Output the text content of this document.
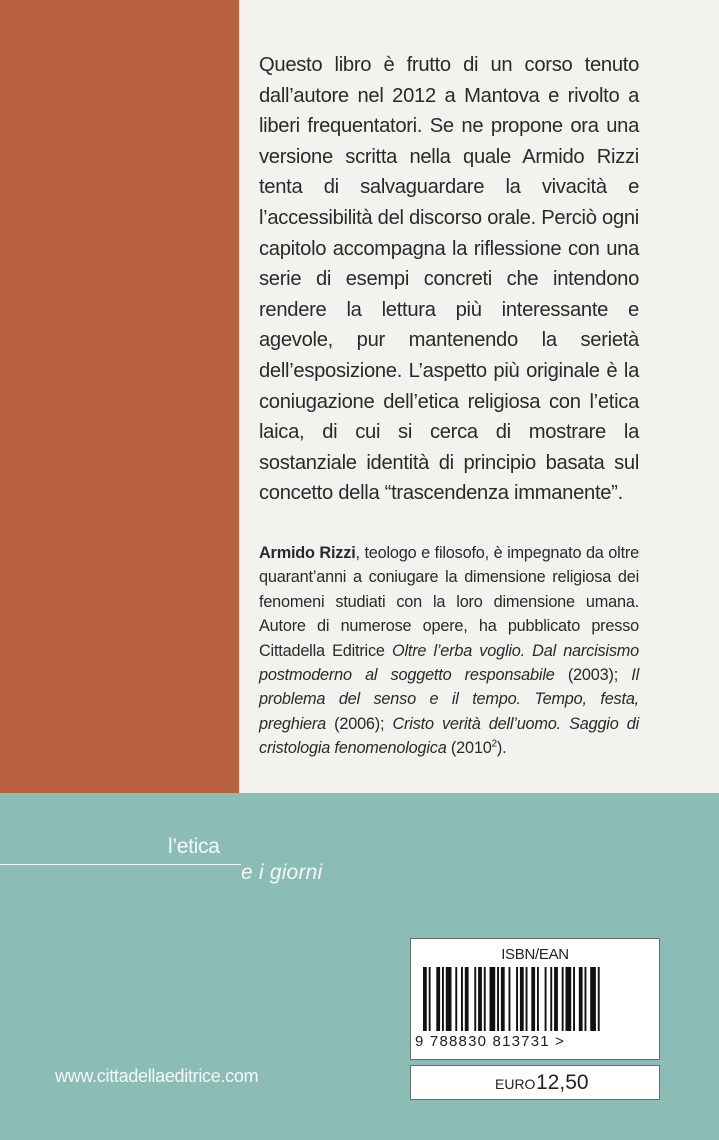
Questo libro è frutto di un corso tenuto dall’autore nel 2012 a Mantova e rivolto a liberi frequentatori. Se ne propone ora una versione scritta nella quale Armido Rizzi tenta di salvaguardare la vivacità e l’accessibilità del discorso orale. Perciò ogni capitolo accompagna la riflessione con una serie di esempi concreti che intendono rendere la lettura più interessante e agevole, pur mantenendo la serietà dell’esposizione. L’aspetto più originale è la coniugazione dell’etica religiosa con l’etica laica, di cui si cerca di mostrare la sostanziale identità di principio basata sul concetto della “trascendenza immanente”.

Armido Rizzi, teologo e filosofo, è impegnato da oltre quarant’anni a coniugare la dimensione religiosa dei fenomeni studiati con la loro dimensione umana. Autore di numerose opere, ha pubblicato presso Cittadella Editrice Oltre l’erba voglio. Dal narcisismo postmoderno al soggetto responsabile (2003); Il problema del senso e il tempo. Tempo, festa, preghiera (2006); Cristo verità dell’uomo. Saggio di cristologia fenomenologica (2010$^2$).

l’etica
e i giorni
ISBN/EAN
9 788830 813731 >
EURO 12,50
www.cittadellaeditrice.com
